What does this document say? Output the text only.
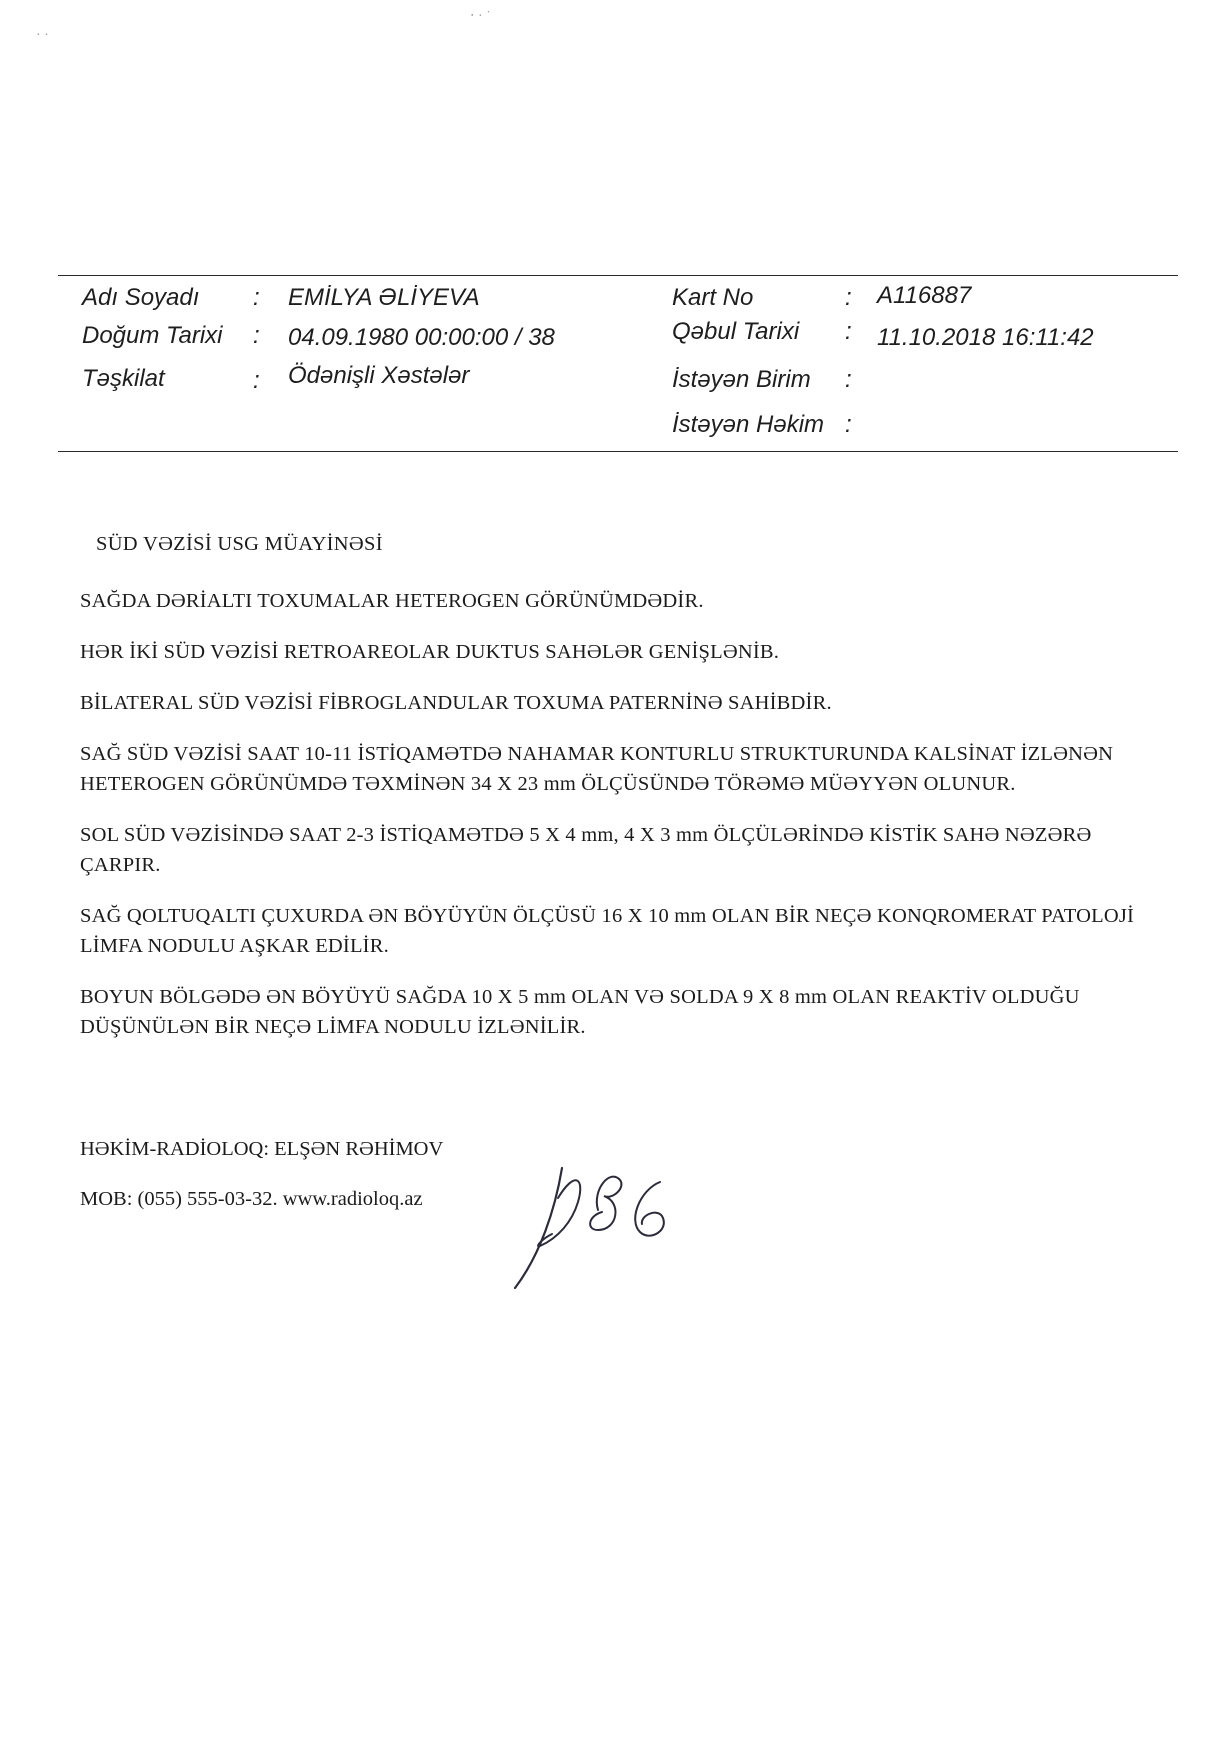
‧ · ˙
· ·
Adı Soyadı : EMİLYA ƏLİYEVA
Doğum Tarixi : 04.09.1980 00:00:00 / 38
Təşkilat	: Ödənişli Xəstələr
Kart No	: A116887
Qəbul Tarixi : 11.10.2018 16:11:42
İstəyən Birim :
İstəyən Həkim :
SÜD VƏZİSİ USG MÜAYİNƏSİ

SAĞDA DƏRİALTI TOXUMALAR HETEROGEN GÖRÜNÜMDƏDİR.

HƏR İKİ SÜD VƏZİSİ RETROAREOLAR DUKTUS SAHƏLƏR GENİŞLƏNİB.

BİLATERAL SÜD VƏZİSİ FİBROGLANDULAR TOXUMA PATERNİNƏ SAHİBDİR.

SAĞ SÜD VƏZİSİ SAAT 10-11 İSTİQAMƏTDƏ NAHAMAR KONTURLU STRUKTURUNDA KALSİNAT İZLƏNƏN HETEROGEN GÖRÜNÜMDƏ TƏXMİNƏN 34 X 23 mm ÖLÇÜSÜNDƏ TÖRƏMƏ MÜƏYYƏN OLUNUR.

SOL SÜD VƏZİSİNDƏ SAAT 2-3 İSTİQAMƏTDƏ 5 X 4 mm, 4 X 3 mm ÖLÇÜLƏRİNDƏ KİSTİK SAHƏ NƏZƏRƏ ÇARPIR.

SAĞ QOLTUQALTI ÇUXURDA ƏN BÖYÜYÜN ÖLÇÜSÜ 16 X 10 mm OLAN BİR NEÇƏ KONQROMERAT PATOLOJİ LİMFA NODULU AŞKAR EDİLİR.

BOYUN BÖLGƏDƏ ƏN BÖYÜYÜ SAĞDA 10 X 5 mm OLAN VƏ SOLDA 9 X 8 mm OLAN REAKTİV OLDUĞU DÜŞÜNÜLƏN BİR NEÇƏ LİMFA NODULU İZLƏNİLİR.

HƏKİM-RADİOLOQ: ELŞƏN RƏHİMOV
MOB: (055) 555-03-32. www.radioloq.az
